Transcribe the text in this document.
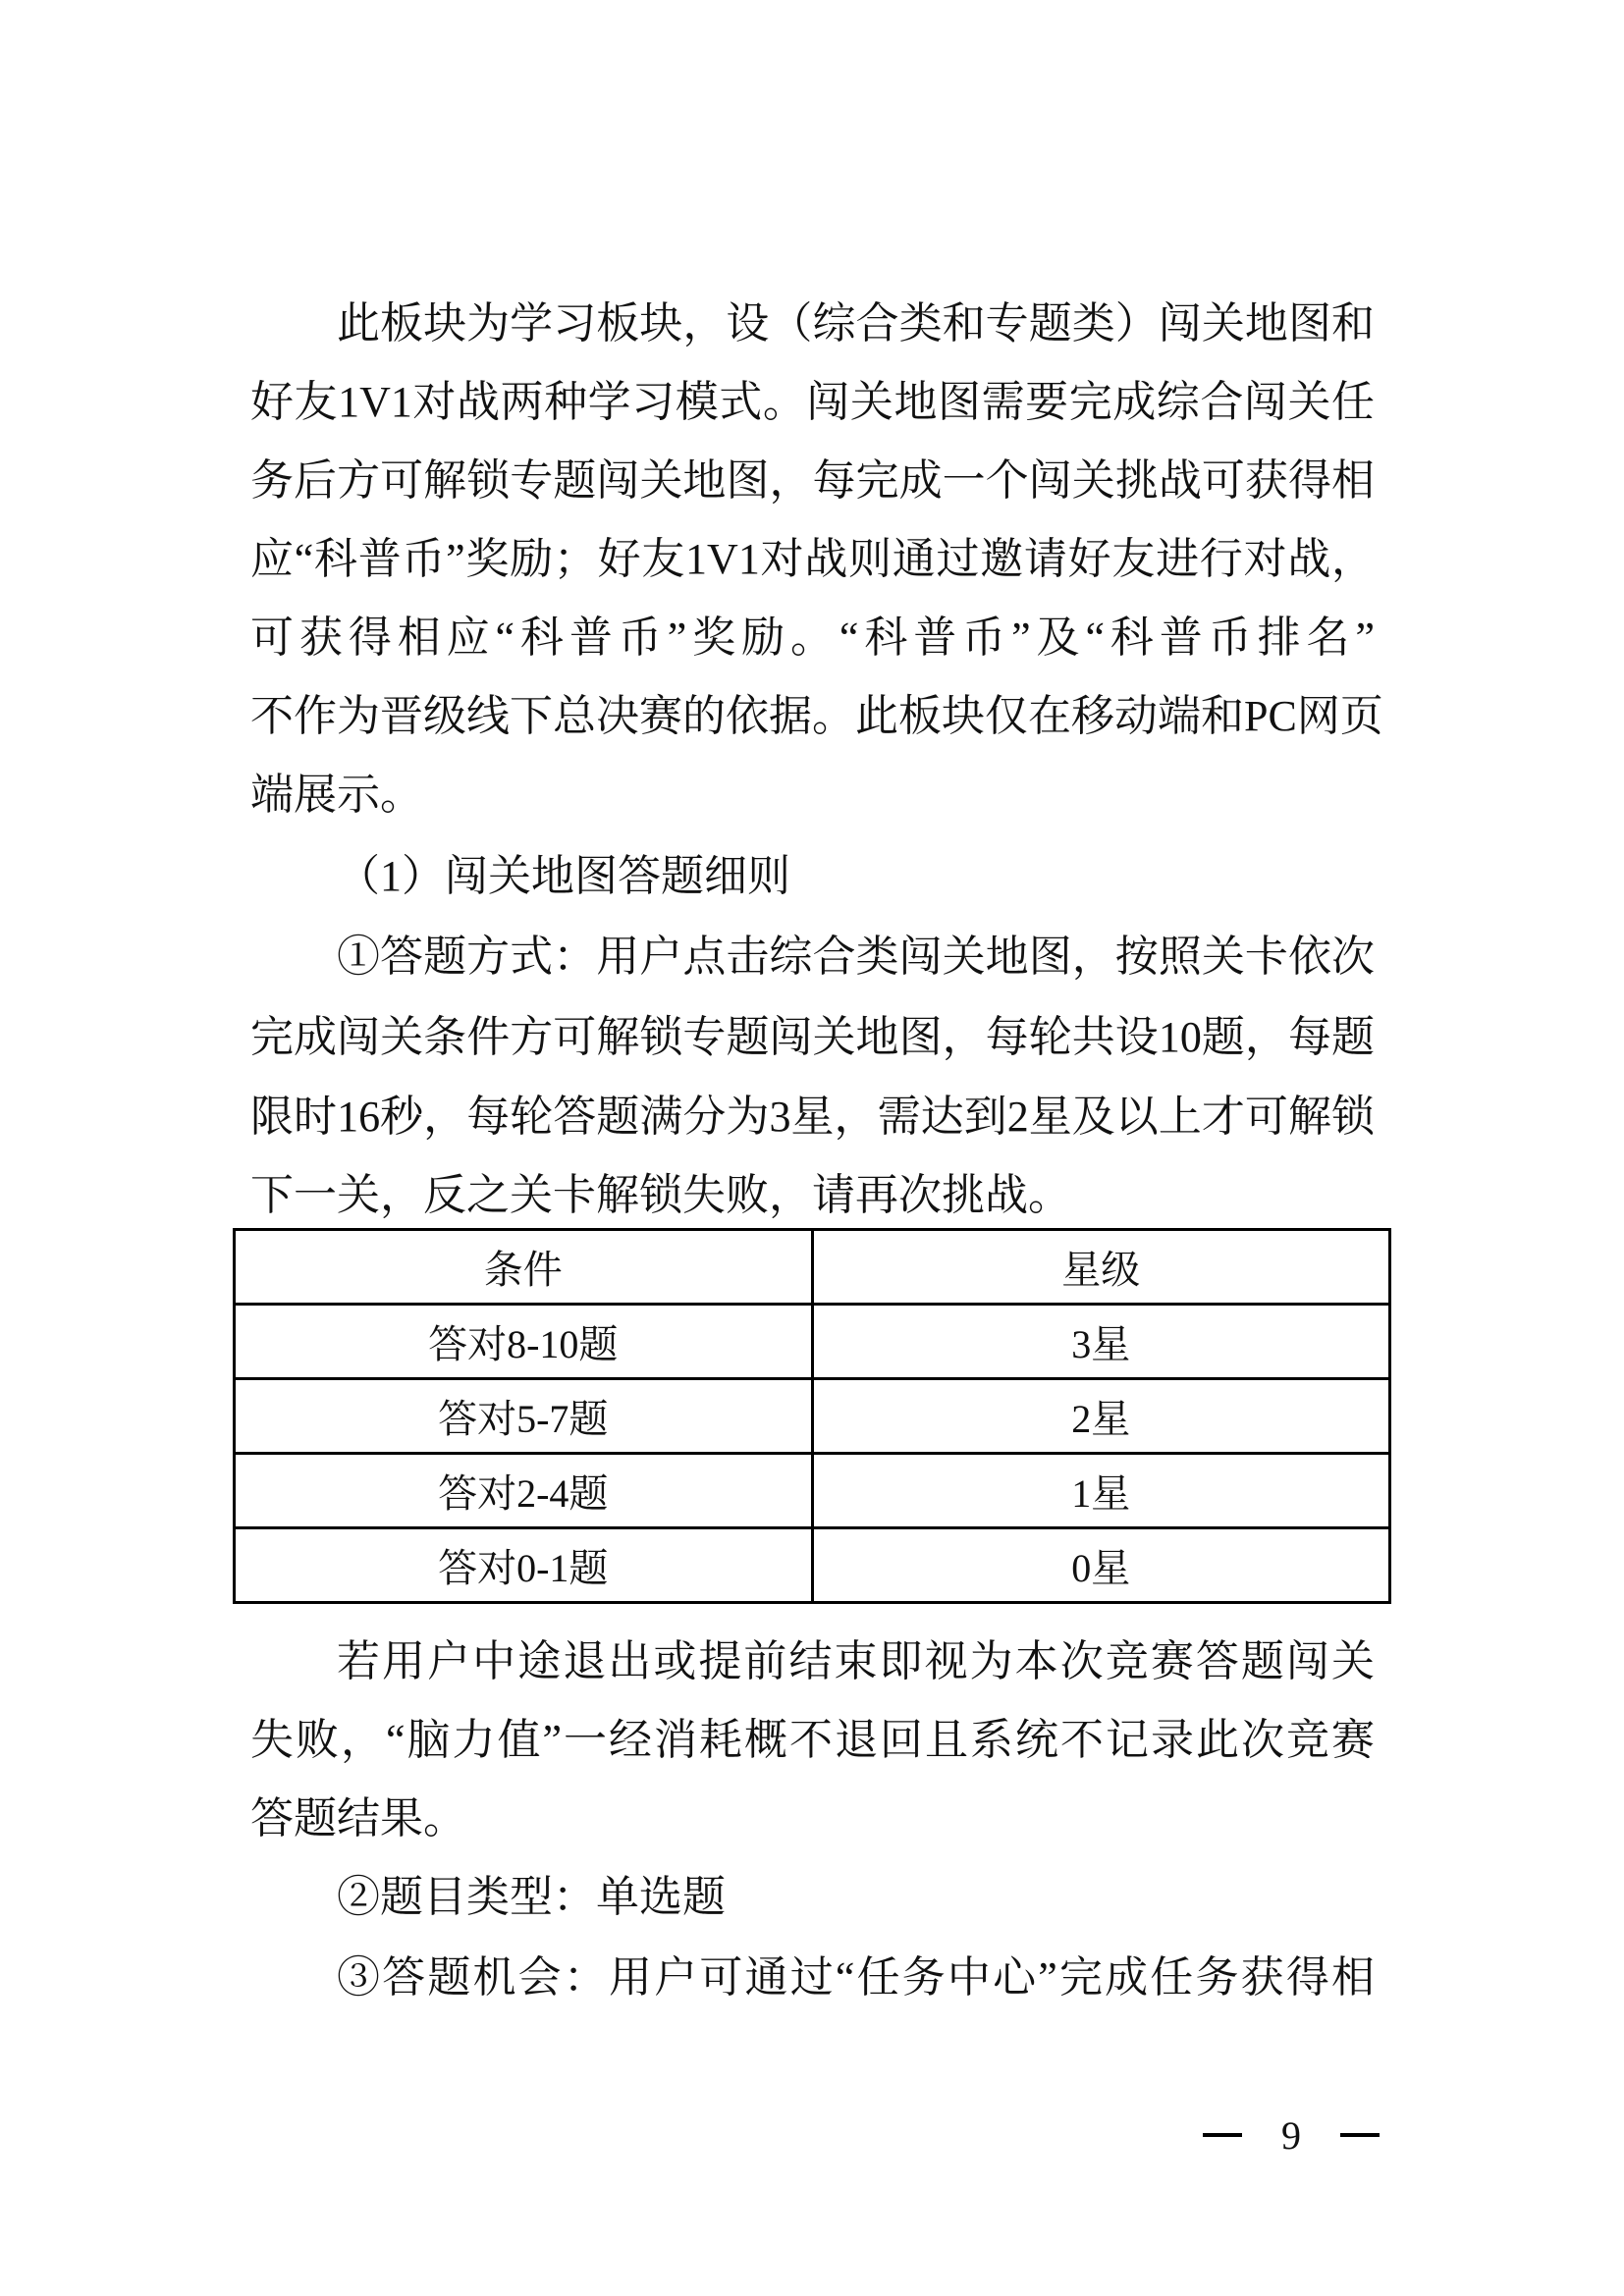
此板块为学习板块，设（综合类和专题类）闯关地图和
好友1V1对战两种学习模式。闯关地图需要完成综合闯关任
务后方可解锁专题闯关地图，每完成一个闯关挑战可获得相
应“科普币”奖励；好友1V1对战则通过邀请好友进行对战，
可获得相应“科普币”奖励。“科普币”及“科普币排名”
不作为晋级线下总决赛的依据。此板块仅在移动端和PC网页
端展示。
（1）闯关地图答题细则
①答题方式：用户点击综合类闯关地图，按照关卡依次
完成闯关条件方可解锁专题闯关地图，每轮共设10题，每题
限时16秒，每轮答题满分为3星，需达到2星及以上才可解锁
下一关，反之关卡解锁失败，请再次挑战。
条件	星级
答对8-10题	3星
答对5-7题	2星
答对2-4题	1星
答对0-1题	0星
若用户中途退出或提前结束即视为本次竞赛答题闯关
失败，“脑力值”一经消耗概不退回且系统不记录此次竞赛
答题结果。
②题目类型：单选题
③答题机会：用户可通过“任务中心”完成任务获得相
9
